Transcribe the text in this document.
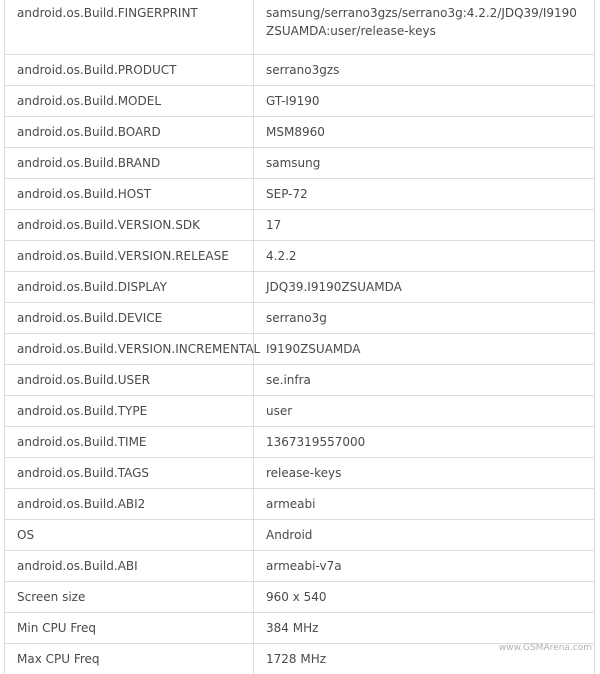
android.os.Build.FINGERPRINT	samsung/serrano3gzs/serrano3g:4.2.2/JDQ39/I9190ZSUAMDA:user/release-keys
android.os.Build.PRODUCT	serrano3gzs
android.os.Build.MODEL	GT-I9190
android.os.Build.BOARD	MSM8960
android.os.Build.BRAND	samsung
android.os.Build.HOST	SEP-72
android.os.Build.VERSION.SDK	17
android.os.Build.VERSION.RELEASE	4.2.2
android.os.Build.DISPLAY	JDQ39.I9190ZSUAMDA
android.os.Build.DEVICE	serrano3g
android.os.Build.VERSION.INCREMENTAL	I9190ZSUAMDA
android.os.Build.USER	se.infra
android.os.Build.TYPE	user
android.os.Build.TIME	1367319557000
android.os.Build.TAGS	release-keys
android.os.Build.ABI2	armeabi
OS	Android
android.os.Build.ABI	armeabi-v7a
Screen size	960 x 540
Min CPU Freq	384 MHz
Max CPU Freq	1728 MHz
www.GSMArena.com
